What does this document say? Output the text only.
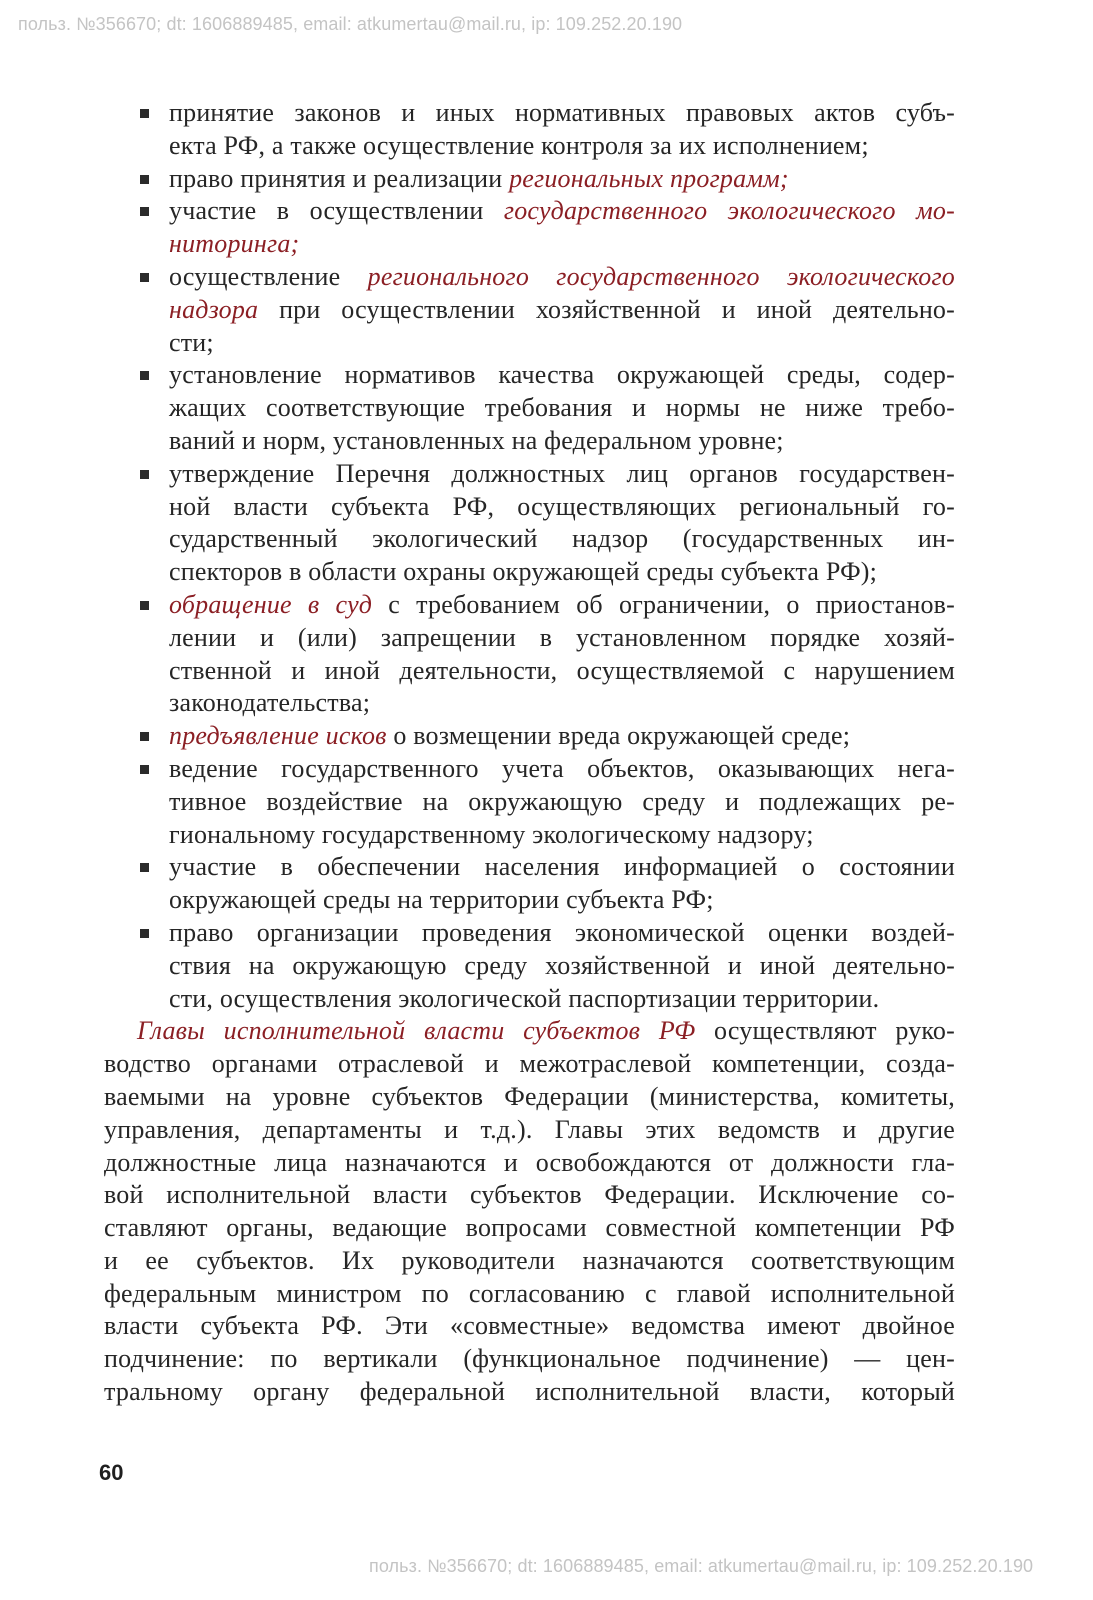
польз. №356670; dt: 1606889485, email: atkumertau@mail.ru, ip: 109.252.20.190
принятие законов и иных нормативных правовых актов субъ-
екта РФ, а также осуществление контроля за их исполнением;
право принятия и реализации региональных программ;
участие в осуществлении государственного экологического мо-
ниторинга;
осуществление регионального государственного экологического
надзора при осуществлении хозяйственной и иной деятельно-
сти;
установление нормативов качества окружающей среды, содер-
жащих соответствующие требования и нормы не ниже требо-
ваний и норм, установленных на федеральном уровне;
утверждение Перечня должностных лиц органов государствен-
ной власти субъекта РФ, осуществляющих региональный го-
сударственный экологический надзор (государственных ин-
спекторов в области охраны окружающей среды субъекта РФ);
обращение в суд с требованием об ограничении, о приостанов-
лении и (или) запрещении в установленном порядке хозяй-
ственной и иной деятельности, осуществляемой с нарушением
законодательства;
предъявление исков о возмещении вреда окружающей среде;
ведение государственного учета объектов, оказывающих нега-
тивное воздействие на окружающую среду и подлежащих ре-
гиональному государственному экологическому надзору;
участие в обеспечении населения информацией о состоянии
окружающей среды на территории субъекта РФ;
право организации проведения экономической оценки воздей-
ствия на окружающую среду хозяйственной и иной деятельно-
сти, осуществления экологической паспортизации территории.
Главы исполнительной власти субъектов РФ осуществляют руко-
водство органами отраслевой и межотраслевой компетенции, созда-
ваемыми на уровне субъектов Федерации (министерства, комитеты,
управления, департаменты и т.д.). Главы этих ведомств и другие
должностные лица назначаются и освобождаются от должности гла-
вой исполнительной власти субъектов Федерации. Исключение со-
ставляют органы, ведающие вопросами совместной компетенции РФ
и ее субъектов. Их руководители назначаются соответствующим
федеральным министром по согласованию с главой исполнительной
власти субъекта РФ. Эти «совместные» ведомства имеют двойное
подчинение: по вертикали (функциональное подчинение) — цен-
тральному органу федеральной исполнительной власти, который
60
польз. №356670; dt: 1606889485, email: atkumertau@mail.ru, ip: 109.252.20.190
